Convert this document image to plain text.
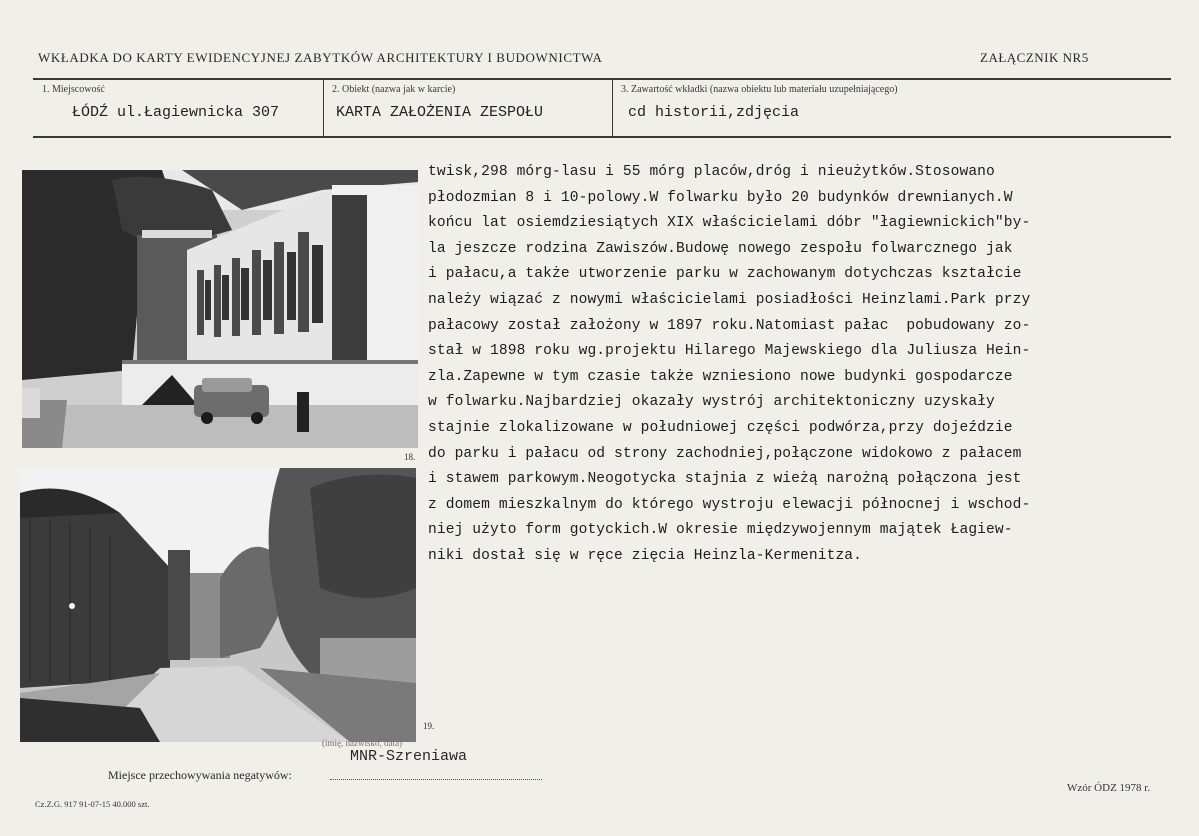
WKŁADKA DO KARTY EWIDENCYJNEJ ZABYTKÓW ARCHITEKTURY I BUDOWNICTWA	ZAŁĄCZNIK NR5
1. Miejscowość
ŁÓDŹ ul.Łagiewnicka 307
2. Obiekt (nazwa jak w karcie)
KARTA ZAŁOŻENIA ZESPOŁU
3. Zawartość wkładki (nazwa obiektu lub materiału uzupełniającego)
cd historii,zdjęcia
18.
19.
twisk,298 mórg-lasu i 55 mórg placów,dróg i nieużytków.Stosowano
płodozmian 8 i 10-polowy.W folwarku było 20 budynków drewnianych.W
końcu lat osiemdziesiątych XIX właścicielami dóbr "łagiewnickich"by-
la jeszcze rodzina Zawiszów.Budowę nowego zespołu folwarcznego jak
i pałacu,a także utworzenie parku w zachowanym dotychczas kształcie
należy wiązać z nowymi właścicielami posiadłości Heinzlami.Park przy
pałacowy został założony w 1897 roku.Natomiast pałac  pobudowany zo-
stał w 1898 roku wg.projektu Hilarego Majewskiego dla Juliusza Hein-
zla.Zapewne w tym czasie także wzniesiono nowe budynki gospodarcze
w folwarku.Najbardziej okazały wystrój architektoniczny uzyskały
stajnie zlokalizowane w południowej części podwórza,przy dojeździe
do parku i pałacu od strony zachodniej,połączone widokowo z pałacem
i stawem parkowym.Neogotycka stajnia z wieżą narożną połączona jest
z domem mieszkalnym do którego wystroju elewacji północnej i wschod-
niej użyto form gotyckich.W okresie międzywojennym majątek Łagiew-
niki dostał się w ręce zięcia Heinzla-Kermenitza.
(imię, nazwisko, data)
MNR-Szreniawa
Miejsce przechowywania negatywów:
Cz.Z.G. 917 91-07-15 40.000 szt.
Wzór ÓDZ 1978 r.
